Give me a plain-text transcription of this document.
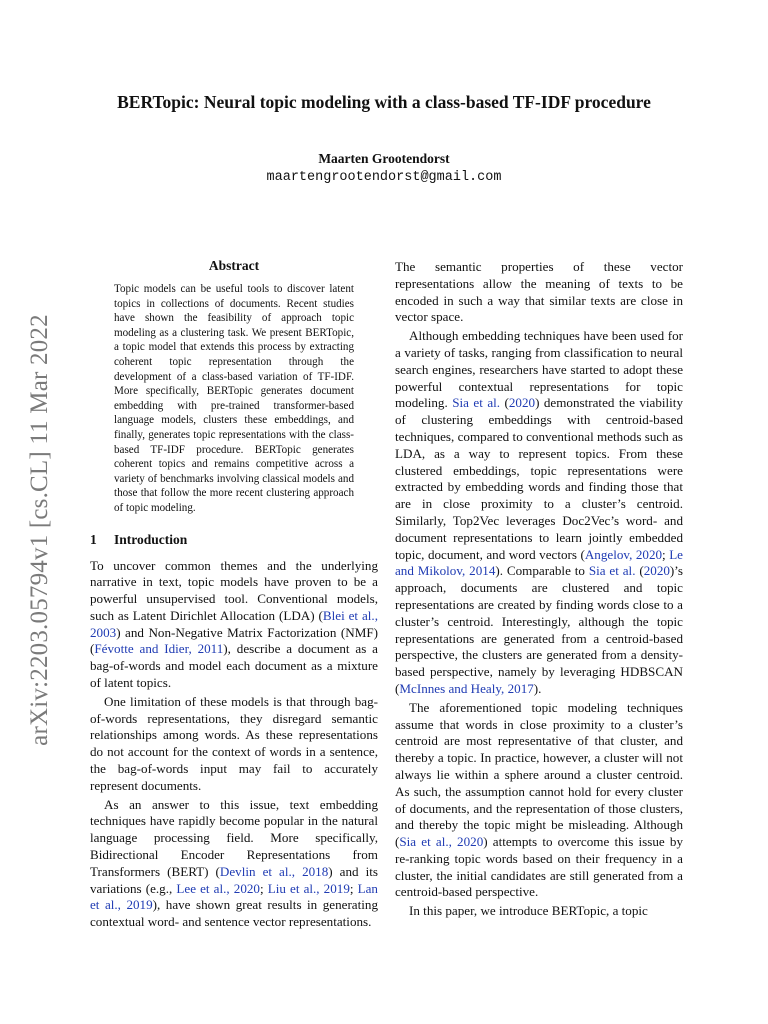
arXiv:2203.05794v1 [cs.CL] 11 Mar 2022
BERTopic: Neural topic modeling with a class-based TF-IDF procedure
Maarten Grootendorst
maartengrootendorst@gmail.com
Abstract

Topic models can be useful tools to discover latent topics in collections of documents. Recent studies have shown the feasibility of approach topic modeling as a clustering task. We present BERTopic, a topic model that extends this process by extracting coherent topic representation through the development of a class-based variation of TF-IDF. More specifically, BERTopic generates document embedding with pre-trained transformer-based language models, clusters these embeddings, and finally, generates topic representations with the class-based TF-IDF procedure. BERTopic generates coherent topics and remains competitive across a variety of benchmarks involving classical models and those that follow the more recent clustering approach of topic modeling.

1 Introduction

To uncover common themes and the underlying narrative in text, topic models have proven to be a powerful unsupervised tool. Conventional models, such as Latent Dirichlet Allocation (LDA) (Blei et al., 2003) and Non-Negative Matrix Factorization (NMF) (Févotte and Idier, 2011), describe a document as a bag-of-words and model each document as a mixture of latent topics.

One limitation of these models is that through bag-of-words representations, they disregard semantic relationships among words. As these representations do not account for the context of words in a sentence, the bag-of-words input may fail to accurately represent documents.

As an answer to this issue, text embedding techniques have rapidly become popular in the natural language processing field. More specifically, Bidirectional Encoder Representations from Transformers (BERT) (Devlin et al., 2018) and its variations (e.g., Lee et al., 2020; Liu et al., 2019; Lan et al., 2019), have shown great results in generating contextual word- and sentence vector representations.

The semantic properties of these vector representations allow the meaning of texts to be encoded in such a way that similar texts are close in vector space.

Although embedding techniques have been used for a variety of tasks, ranging from classification to neural search engines, researchers have started to adopt these powerful contextual representations for topic modeling. Sia et al. (2020) demonstrated the viability of clustering embeddings with centroid-based techniques, compared to conventional methods such as LDA, as a way to represent topics. From these clustered embeddings, topic representations were extracted by embedding words and finding those that are in close proximity to a cluster’s centroid. Similarly, Top2Vec leverages Doc2Vec’s word- and document representations to learn jointly embedded topic, document, and word vectors (Angelov, 2020; Le and Mikolov, 2014). Comparable to Sia et al. (2020)’s approach, documents are clustered and topic representations are created by finding words close to a cluster’s centroid. Interestingly, although the topic representations are generated from a centroid-based perspective, the clusters are generated from a density-based perspective, namely by leveraging HDBSCAN (McInnes and Healy, 2017).

The aforementioned topic modeling techniques assume that words in close proximity to a cluster’s centroid are most representative of that cluster, and thereby a topic. In practice, however, a cluster will not always lie within a sphere around a cluster centroid. As such, the assumption cannot hold for every cluster of documents, and the representation of those clusters, and thereby the topic might be misleading. Although (Sia et al., 2020) attempts to overcome this issue by re-ranking topic words based on their frequency in a cluster, the initial candidates are still generated from a centroid-based perspective.

In this paper, we introduce BERTopic, a topic
